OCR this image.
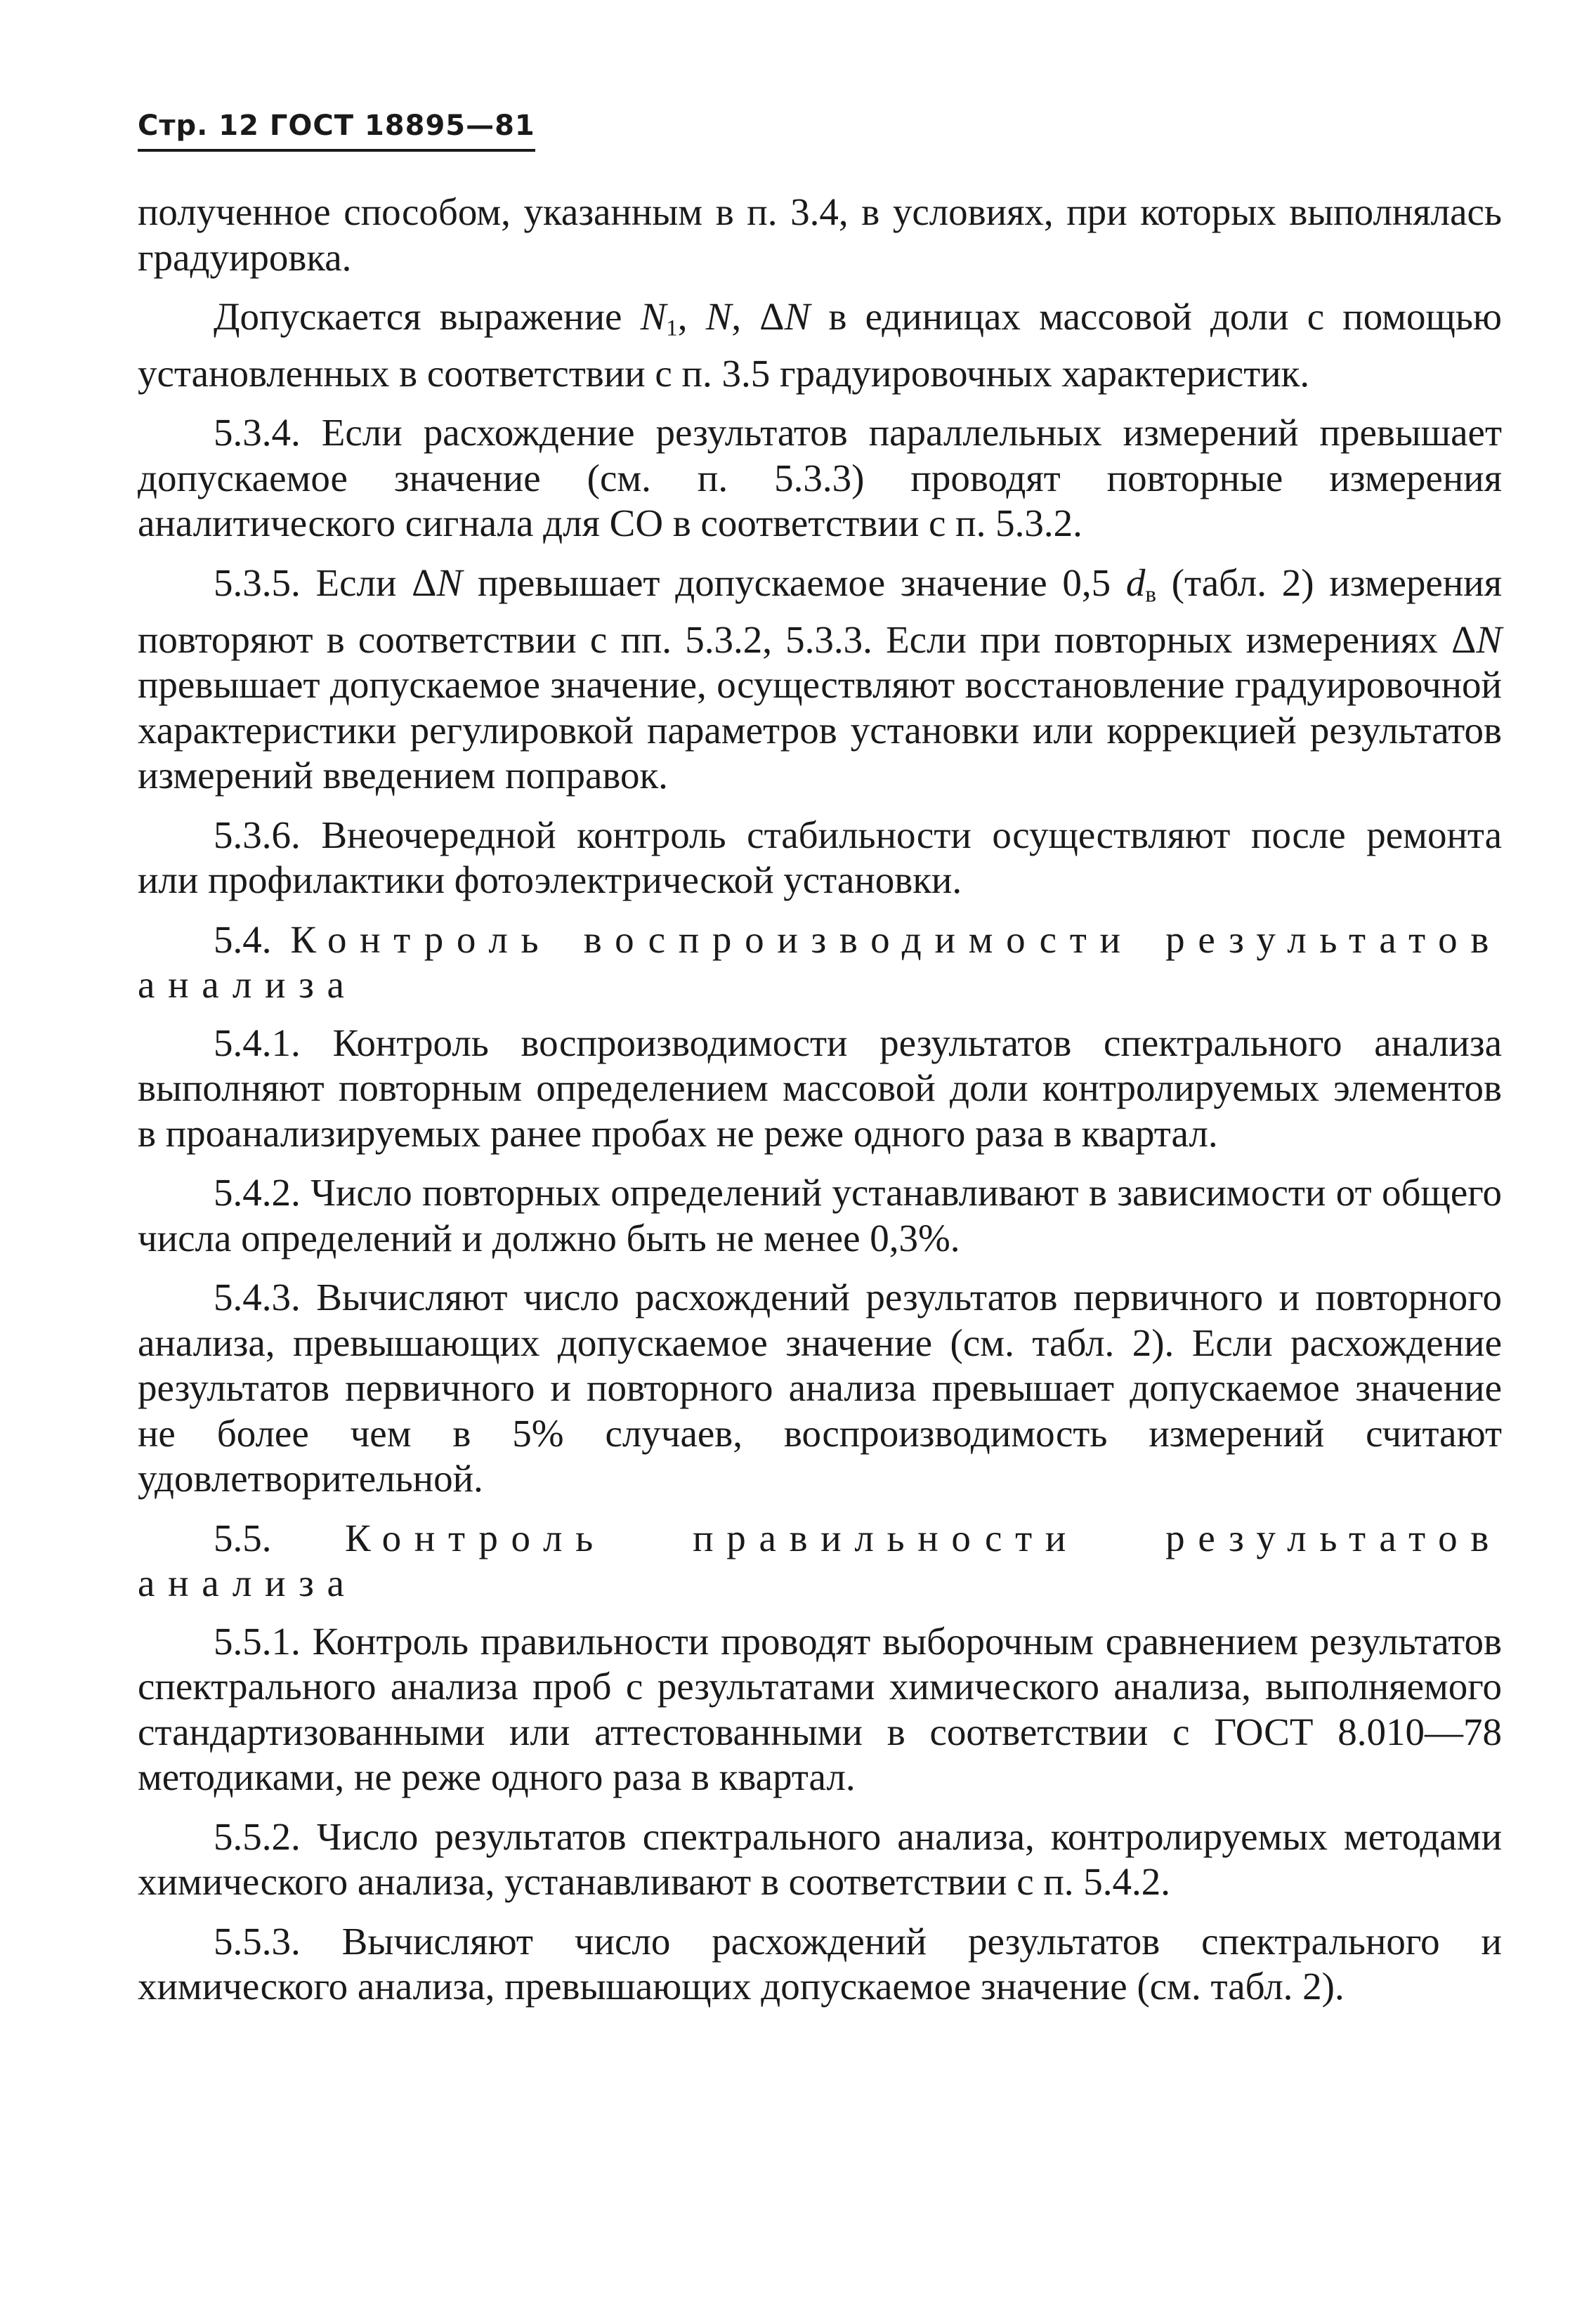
Стр. 12 ГОСТ 18895—81

полученное способом, указанным в п. 3.4, в условиях, при которых выполнялась градуировка.

Допускается выражение $N_1$, N, ΔN в единицах массовой доли с помощью установленных в соответствии с п. 3.5 градуировочных характеристик.

5.3.4. Если расхождение результатов параллельных измерений превышает допускаемое значение (см. п. 5.3.3) проводят повторные измерения аналитического сигнала для СО в соответствии с п. 5.3.2.

5.3.5. Если ΔN превышает допускаемое значение 0,5 $d_в$ (табл. 2) измерения повторяют в соответствии с пп. 5.3.2, 5.3.3. Если при повторных измерениях ΔN превышает допускаемое значение, осуществляют восстановление градуировочной характеристики регулировкой параметров установки или коррекцией результатов измерений введением поправок.

5.3.6. Внеочередной контроль стабильности осуществляют после ремонта или профилактики фотоэлектрической установки.

5.4. Контроль воспроизводимости результатов анализа

5.4.1. Контроль воспроизводимости результатов спектрального анализа выполняют повторным определением массовой доли контролируемых элементов в проанализируемых ранее пробах не реже одного раза в квартал.

5.4.2. Число повторных определений устанавливают в зависимости от общего числа определений и должно быть не менее 0,3%.

5.4.3. Вычисляют число расхождений результатов первичного и повторного анализа, превышающих допускаемое значение (см. табл. 2). Если расхождение результатов первичного и повторного анализа превышает допускаемое значение не более чем в 5% случаев, воспроизводимость измерений считают удовлетворительной.

5.5. Контроль правильности результатов анализа

5.5.1. Контроль правильности проводят выборочным сравнением результатов спектрального анализа проб с результатами химического анализа, выполняемого стандартизованными или аттестованными в соответствии с ГОСТ 8.010—78 методиками, не реже одного раза в квартал.

5.5.2. Число результатов спектрального анализа, контролируемых методами химического анализа, устанавливают в соответствии с п. 5.4.2.

5.5.3. Вычисляют число расхождений результатов спектрального и химического анализа, превышающих допускаемое значение (см. табл. 2).
